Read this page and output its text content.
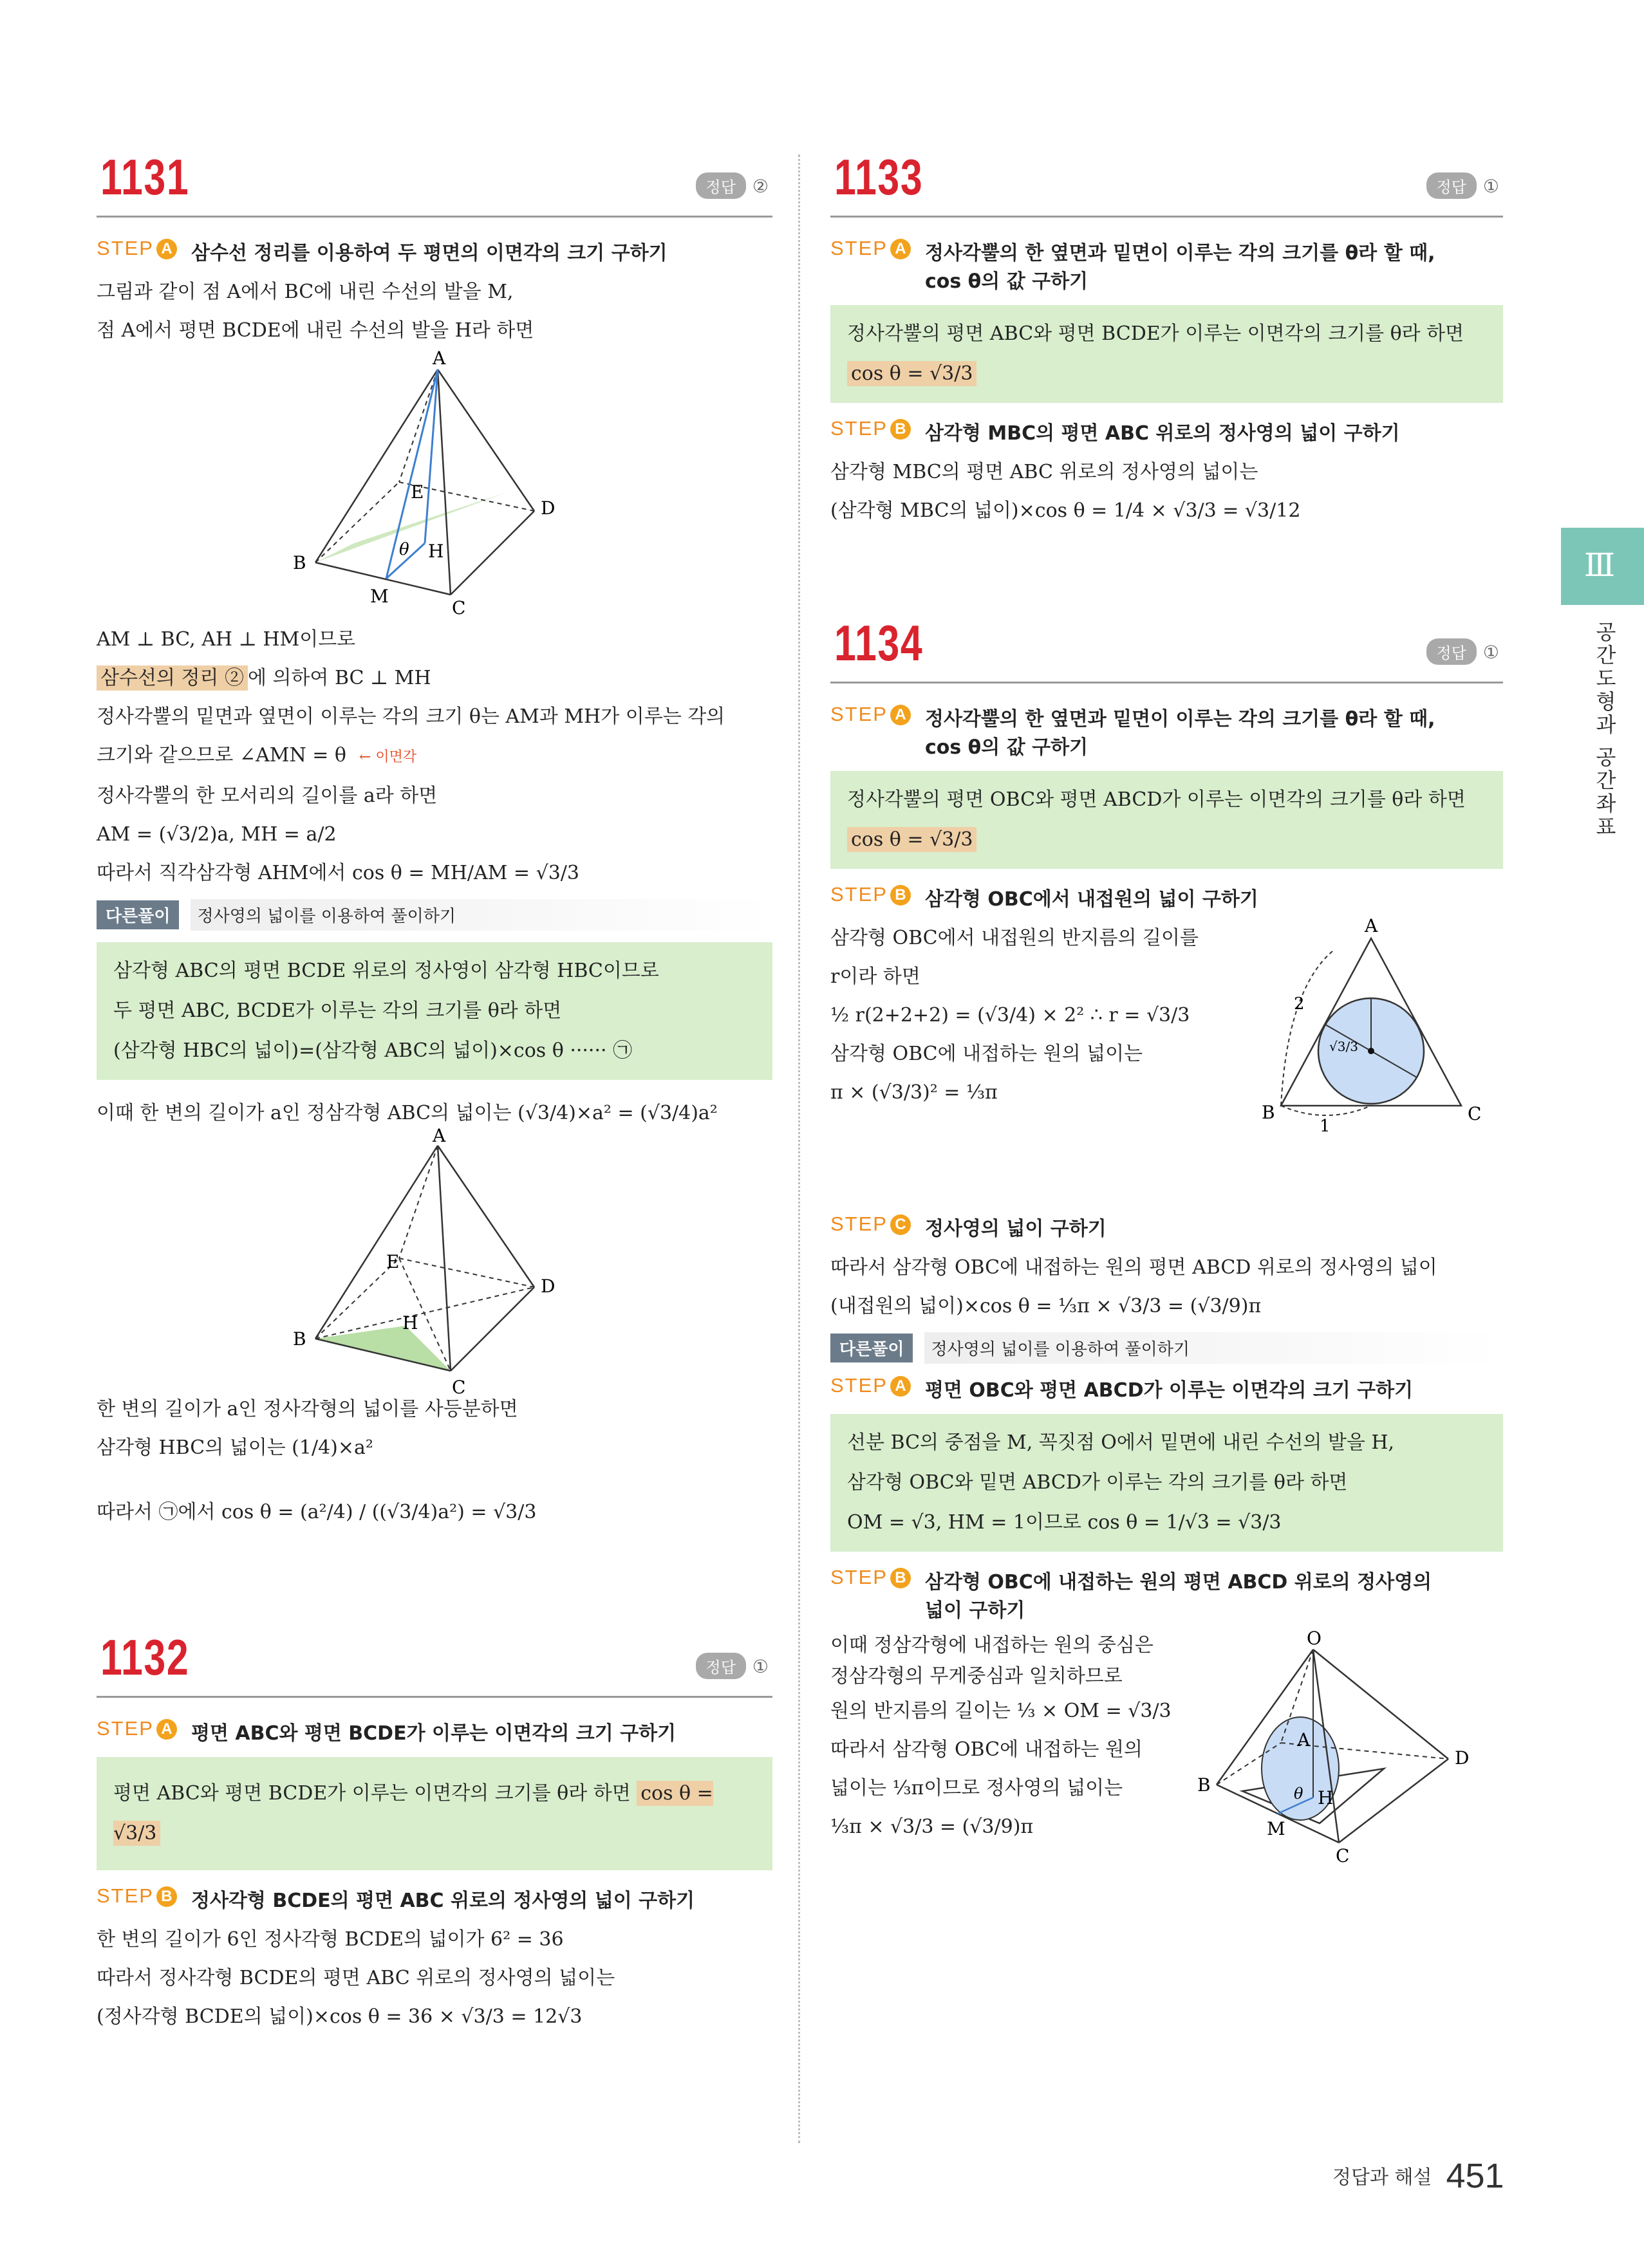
Ⅲ
공간도형과 공간좌표
1131	정답 ②
STEP A 삼수선 정리를 이용하여 두 평면의 이면각의 크기 구하기
그림과 같이 점 A에서 BC에 내린 수선의 발을 M,
점 A에서 평면 BCDE에 내린 수선의 발을 H라 하면
A
B
C
D
E
H
M
θ
AM ⊥ BC, AH ⊥ HM이므로
삼수선의 정리 ② 에 의하여 BC ⊥ MH
정사각뿔의 밑면과 옆면이 이루는 각의 크기 θ는 AM과 MH가 이루는 각의
크기와 같으므로 ∠AMN = θ ← 이면각
정사각뿔의 한 모서리의 길이를 a라 하면
AM = (√3/2)a, MH = a/2
따라서 직각삼각형 AHM에서 cos θ = MH/AM = √3/3
다른풀이	정사영의 넓이를 이용하여 풀이하기
삼각형 ABC의 평면 BCDE 위로의 정사영이 삼각형 HBC이므로
두 평면 ABC, BCDE가 이루는 각의 크기를 θ라 하면
(삼각형 HBC의 넓이)=(삼각형 ABC의 넓이)×cos θ ······ ㉠
이때 한 변의 길이가 a인 정삼각형 ABC의 넓이는 (√3/4)×a² = (√3/4)a²
A
B
C
D
E
H
한 변의 길이가 a인 정사각형의 넓이를 사등분하면
삼각형 HBC의 넓이는 (1/4)×a²
따라서 ㉠에서 cos θ = (a²/4) / ((√3/4)a²) = √3/3
1132	정답 ①
STEP A 평면 ABC와 평면 BCDE가 이루는 이면각의 크기 구하기
평면 ABC와 평면 BCDE가 이루는 이면각의 크기를 θ라 하면 cos θ = √3/3
STEP B 정사각형 BCDE의 평면 ABC 위로의 정사영의 넓이 구하기
한 변의 길이가 6인 정사각형 BCDE의 넓이가 6² = 36
따라서 정사각형 BCDE의 평면 ABC 위로의 정사영의 넓이는
(정사각형 BCDE의 넓이)×cos θ = 36 × √3/3 = 12√3
1133	정답 ①
STEP A 정사각뿔의 한 옆면과 밑면이 이루는 각의 크기를 θ라 할 때,
cos θ의 값 구하기
정사각뿔의 평면 ABC와 평면 BCDE가 이루는 이면각의 크기를 θ라 하면
cos θ = √3/3
STEP B 삼각형 MBC의 평면 ABC 위로의 정사영의 넓이 구하기
삼각형 MBC의 평면 ABC 위로의 정사영의 넓이는
(삼각형 MBC의 넓이)×cos θ = 1/4 × √3/3 = √3/12
1134	정답 ①
STEP A 정사각뿔의 한 옆면과 밑면이 이루는 각의 크기를 θ라 할 때,
cos θ의 값 구하기
정사각뿔의 평면 OBC와 평면 ABCD가 이루는 이면각의 크기를 θ라 하면
cos θ = √3/3
STEP B 삼각형 OBC에서 내접원의 넓이 구하기
삼각형 OBC에서 내접원의 반지름의 길이를
r이라 하면
½ r(2+2+2) = (√3/4) × 2² ∴ r = √3/3
삼각형 OBC에 내접하는 원의 넓이는
π × (√3/3)² = ⅓π
A
B	C
2
1
√3/3
STEP C 정사영의 넓이 구하기
따라서 삼각형 OBC에 내접하는 원의 평면 ABCD 위로의 정사영의 넓이
(내접원의 넓이)×cos θ = ⅓π × √3/3 = (√3/9)π
다른풀이	정사영의 넓이를 이용하여 풀이하기
STEP A 평면 OBC와 평면 ABCD가 이루는 이면각의 크기 구하기
선분 BC의 중점을 M, 꼭짓점 O에서 밑면에 내린 수선의 발을 H,
삼각형 OBC와 밑면 ABCD가 이루는 각의 크기를 θ라 하면
OM = √3, HM = 1이므로 cos θ = 1/√3 = √3/3
STEP B 삼각형 OBC에 내접하는 원의 평면 ABCD 위로의 정사영의
넓이 구하기
이때 정삼각형에 내접하는 원의 중심은
정삼각형의 무게중심과 일치하므로
원의 반지름의 길이는 ⅓ × OM = √3/3
따라서 삼각형 OBC에 내접하는 원의
넓이는 ⅓π이므로 정사영의 넓이는
⅓π × √3/3 = (√3/9)π
O
B
C
D
A
H
M
θ
정답과 해설 451
